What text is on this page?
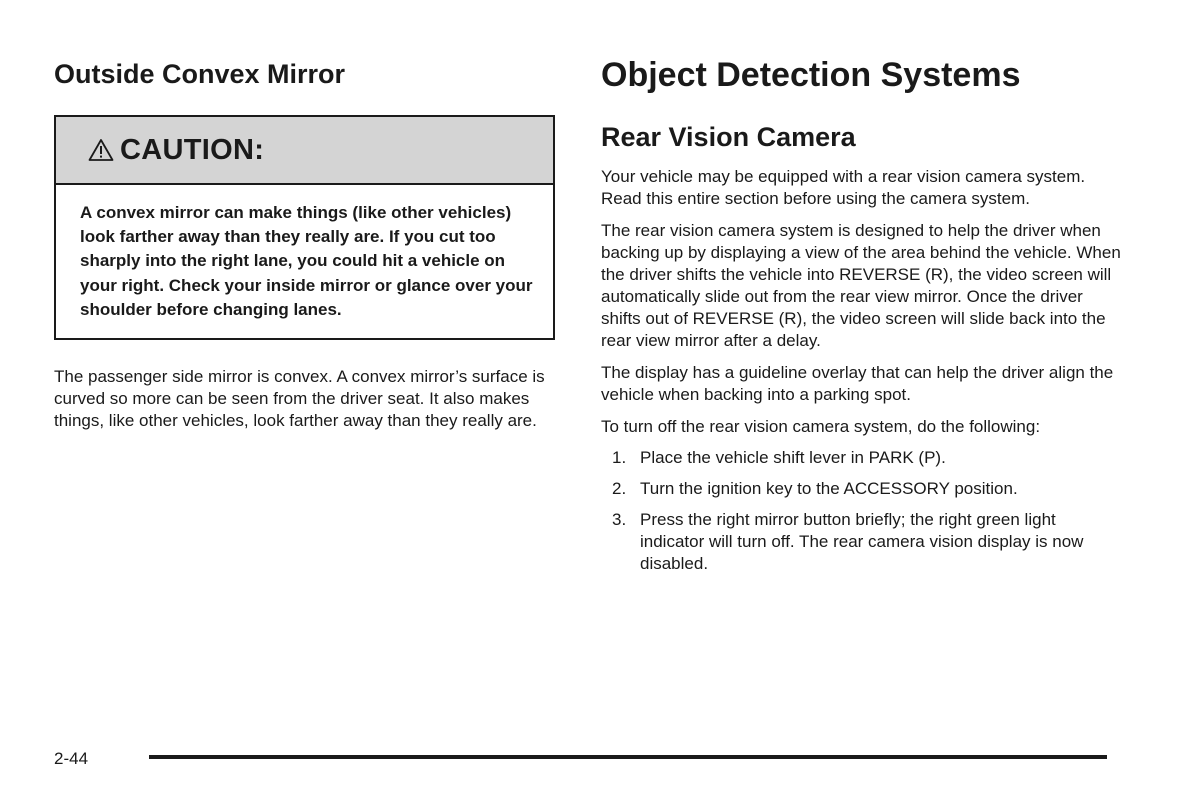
Outside Convex Mirror
CAUTION:
A convex mirror can make things (like other vehicles) look farther away than they really are. If you cut too sharply into the right lane, you could hit a vehicle on your right. Check your inside mirror or glance over your shoulder before changing lanes.

The passenger side mirror is convex. A convex mirror’s surface is curved so more can be seen from the driver seat. It also makes things, like other vehicles, look farther away than they really are.

Object Detection Systems
Rear Vision Camera

Your vehicle may be equipped with a rear vision camera system. Read this entire section before using the camera system.

The rear vision camera system is designed to help the driver when backing up by displaying a view of the area behind the vehicle. When the driver shifts the vehicle into REVERSE (R), the video screen will automatically slide out from the rear view mirror. Once the driver shifts out of REVERSE (R), the video screen will slide back into the rear view mirror after a delay.

The display has a guideline overlay that can help the driver align the vehicle when backing into a parking spot.

To turn off the rear vision camera system, do the following:

1. Place the vehicle shift lever in PARK (P).
2. Turn the ignition key to the ACCESSORY position.
3. Press the right mirror button briefly; the right green light indicator will turn off. The rear camera vision display is now disabled.
2-44
